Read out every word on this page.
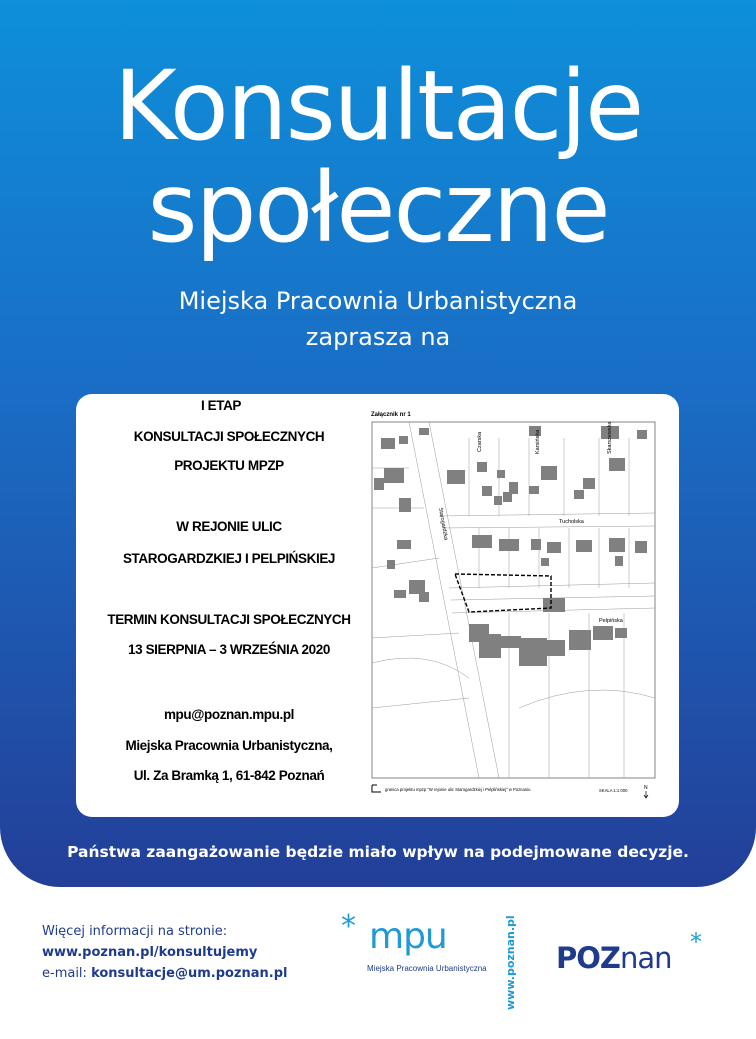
Konsultacje
społeczne
Miejska Pracownia Urbanistyczna
zaprasza na
I ETAP
KONSULTACJI SPOŁECZNYCH
PROJEKTU MPZP
W REJONIE ULIC
STAROGARDZKIEJ I PELPIŃSKIEJ
TERMIN KONSULTACJI SPOŁECZNYCH
13 SIERPNIA – 3 WRZEŚNIA 2020
mpu@poznan.mpu.pl
Miejska Pracownia Urbanistyczna,
Ul. Za Bramką 1, 61-842 Poznań
Załącznik nr 1
Starogardzka
Czarska	Karsińska	Skarszewska
Tucholska
Pelpińska
granica projektu mpzp "W rejonie ulic Starogardzkiej i Pelplińskiej" w Poznaniu	SKALA 1:1 000	N
Państwa zaangażowanie będzie miało wpływ na podejmowane decyzje.
Więcej informacji na stronie:
www.poznan.pl/konsultujemy
e-mail: konsultacje@um.poznan.pl
* mpu
Miejska Pracownia Urbanistyczna www.poznan.pl POZnan *
